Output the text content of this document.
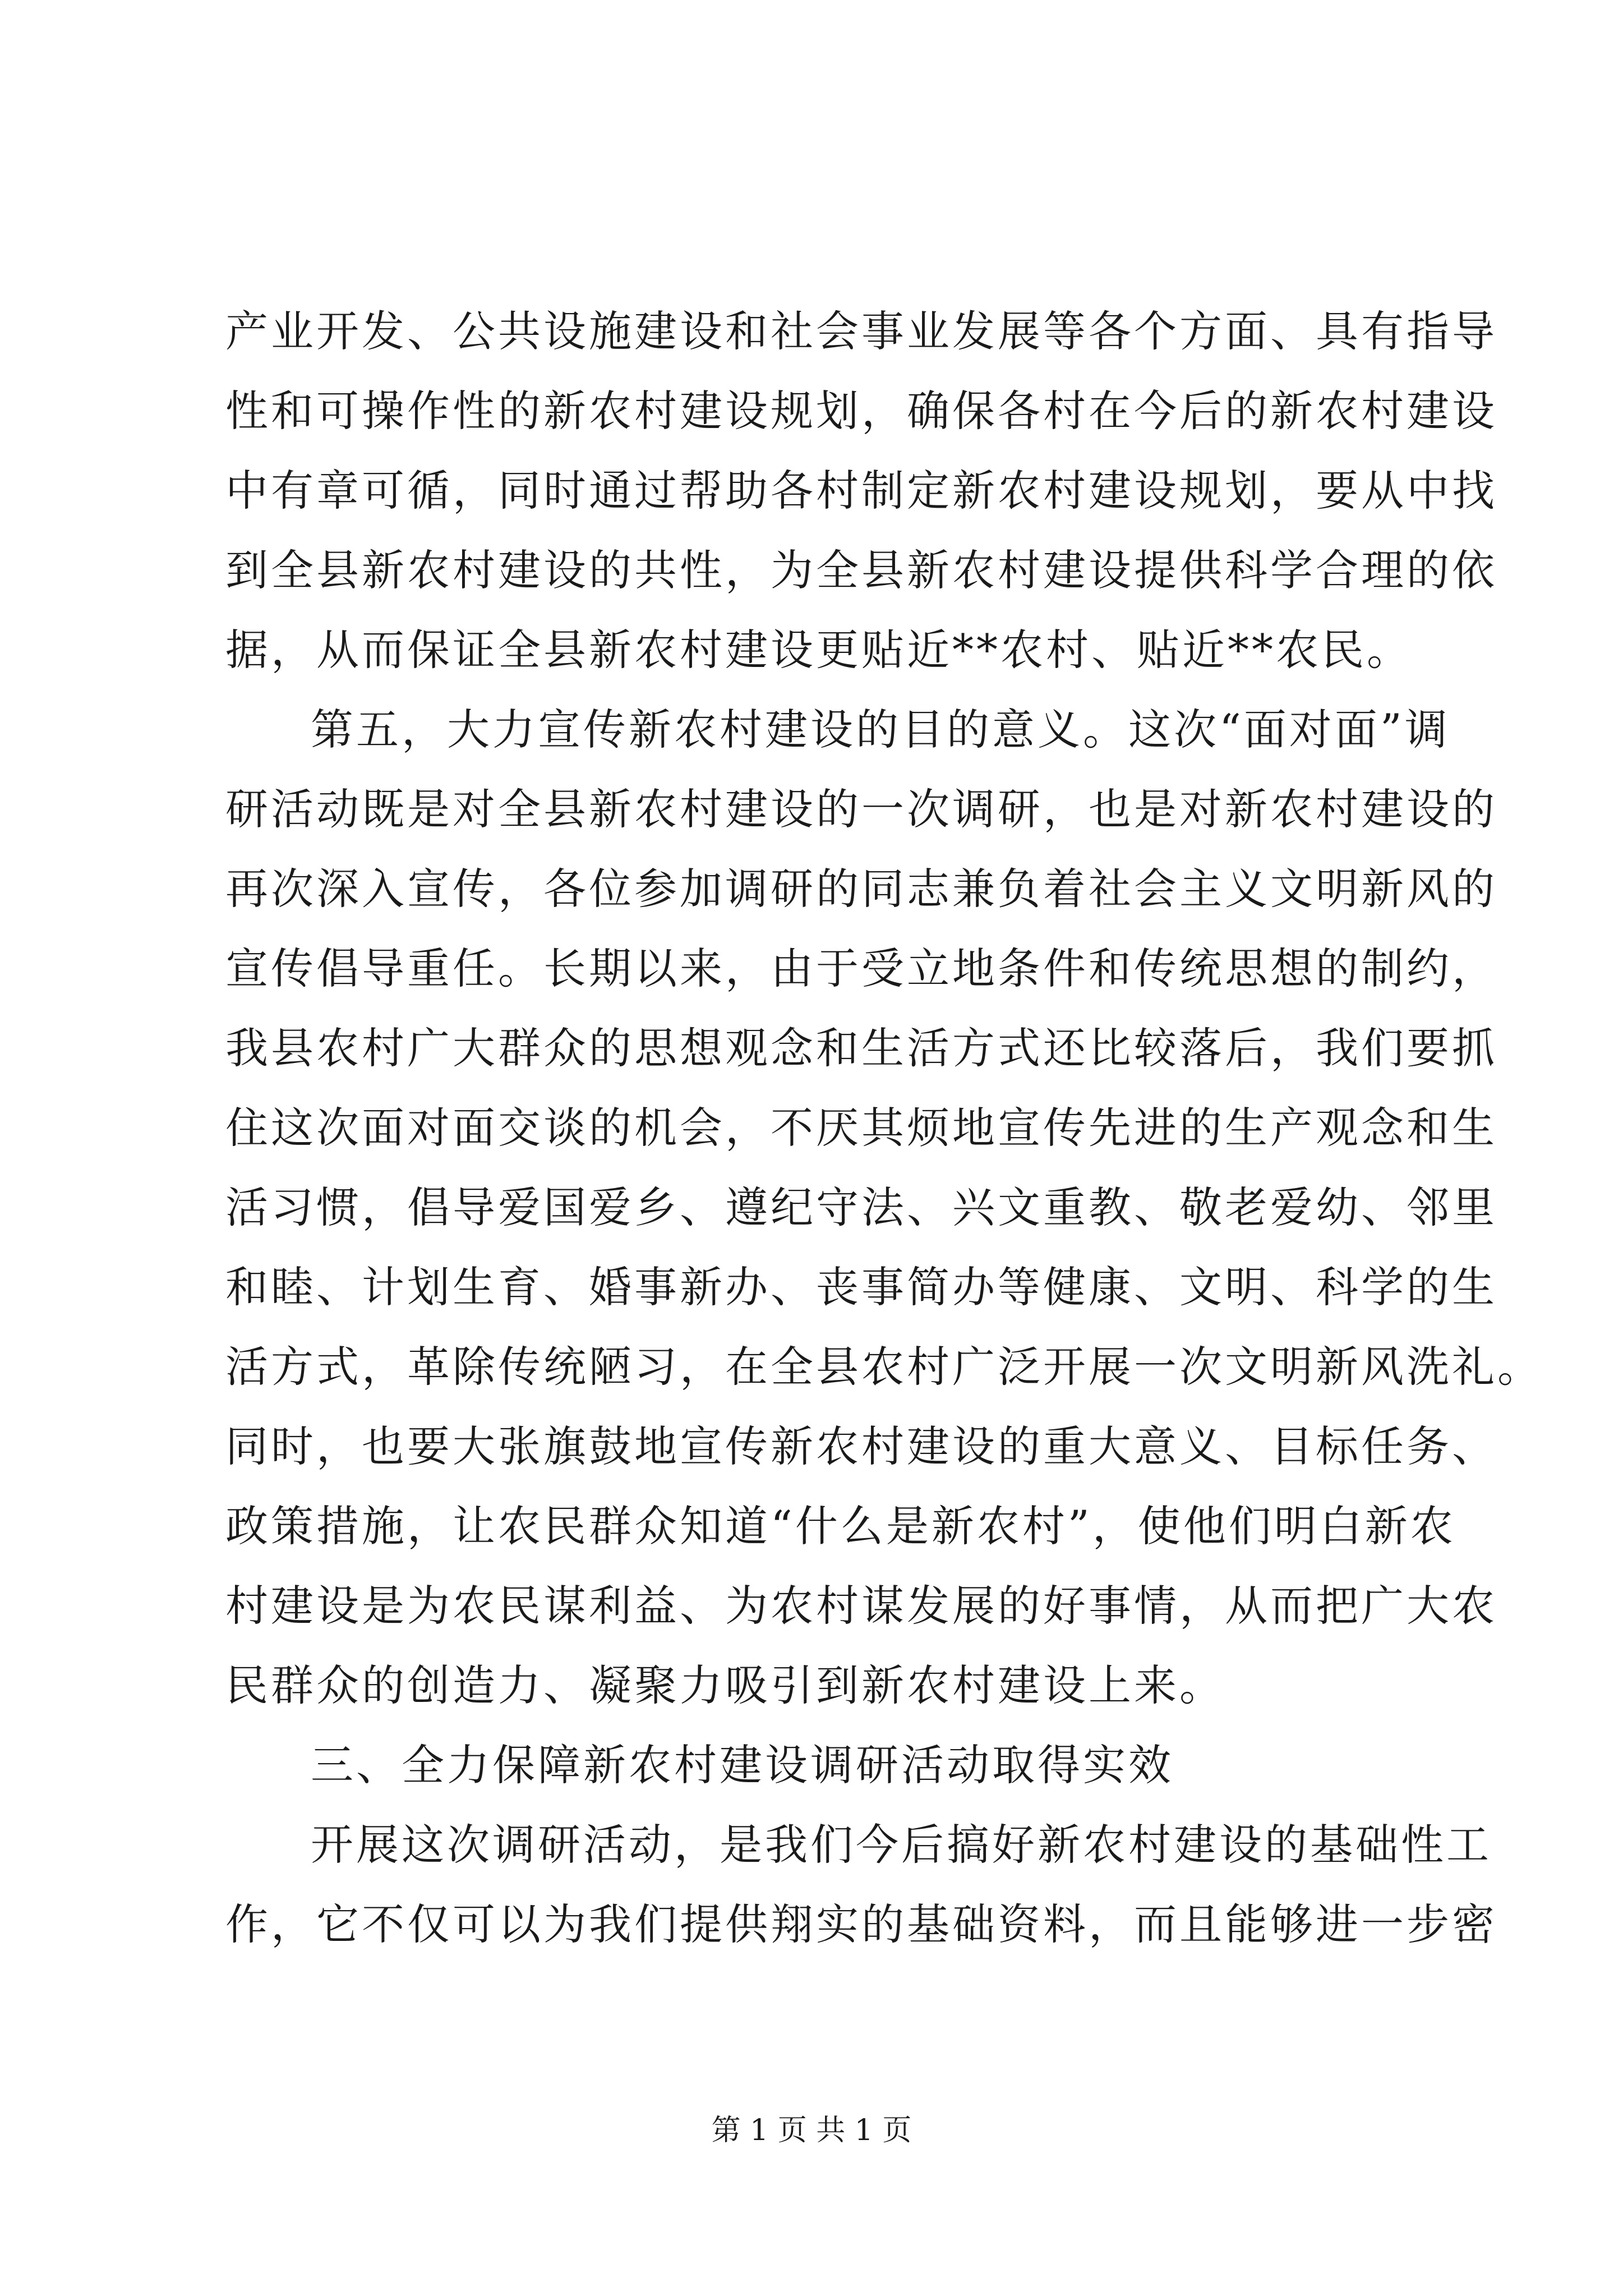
产业开发、公共设施建设和社会事业发展等各个方面、具有指导
性和可操作性的新农村建设规划，确保各村在今后的新农村建设
中有章可循，同时通过帮助各村制定新农村建设规划，要从中找
到全县新农村建设的共性，为全县新农村建设提供科学合理的依
据，从而保证全县新农村建设更贴近**农村、贴近**农民。
第五，大力宣传新农村建设的目的意义。这次“面对面”调
研活动既是对全县新农村建设的一次调研，也是对新农村建设的
再次深入宣传，各位参加调研的同志兼负着社会主义文明新风的
宣传倡导重任。长期以来，由于受立地条件和传统思想的制约，
我县农村广大群众的思想观念和生活方式还比较落后，我们要抓
住这次面对面交谈的机会，不厌其烦地宣传先进的生产观念和生
活习惯，倡导爱国爱乡、遵纪守法、兴文重教、敬老爱幼、邻里
和睦、计划生育、婚事新办、丧事简办等健康、文明、科学的生
活方式，革除传统陋习，在全县农村广泛开展一次文明新风洗礼。
同时，也要大张旗鼓地宣传新农村建设的重大意义、目标任务、
政策措施，让农民群众知道“什么是新农村”，使他们明白新农
村建设是为农民谋利益、为农村谋发展的好事情，从而把广大农
民群众的创造力、凝聚力吸引到新农村建设上来。
三、全力保障新农村建设调研活动取得实效
开展这次调研活动，是我们今后搞好新农村建设的基础性工
作，它不仅可以为我们提供翔实的基础资料，而且能够进一步密
第 1 页 共 1 页
